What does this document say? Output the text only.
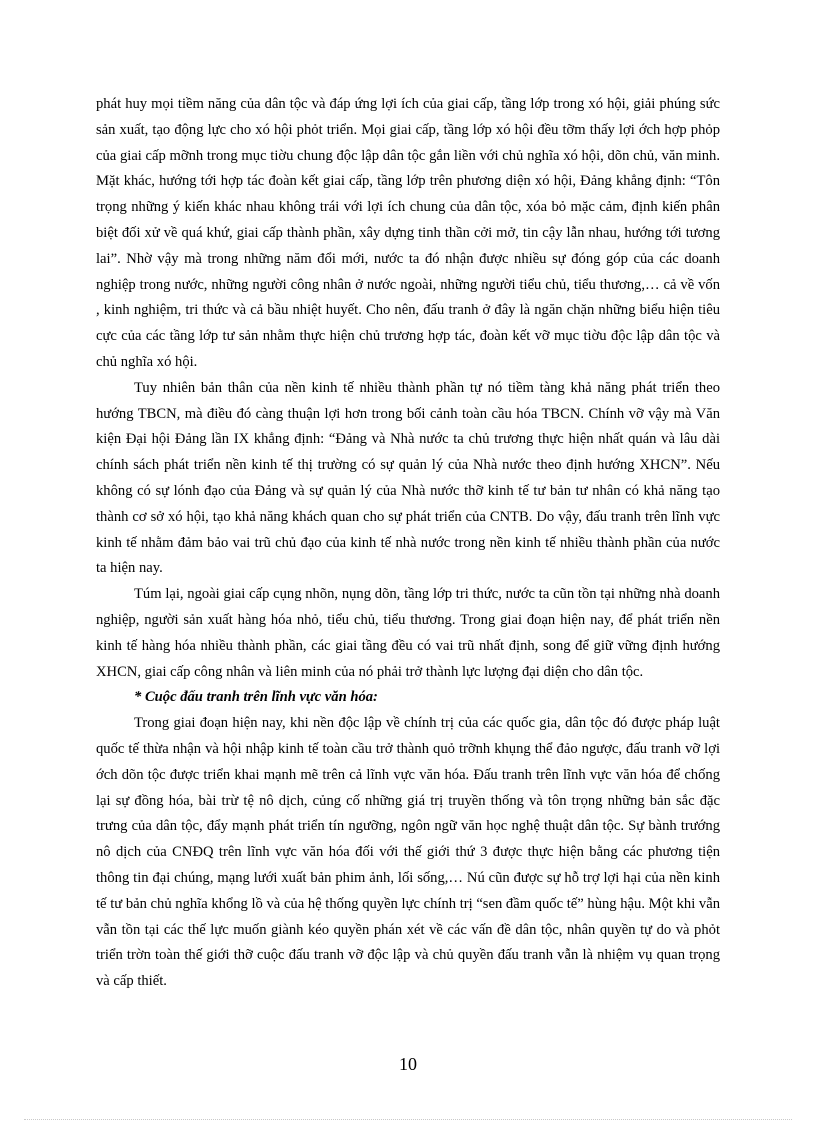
phát huy mọi tiềm năng của dân tộc và đáp ứng lợi ích của giai cấp, tầng lớp trong xó hội, giải phúng sức sản xuất, tạo động lực cho xó hội phỏt triển. Mọi giai cấp, tầng lớp xó hội đều tỡm thấy lợi ớch hợp phỏp của giai cấp mỡnh trong mục tiờu chung độc lập dân tộc gắn liền với chủ nghĩa xó hội, dõn chủ, văn minh. Mặt khác, hướng tới hợp tác đoàn kết giai cấp, tầng lớp trên phương diện xó hội, Đảng khẳng định: “Tôn trọng những ý kiến khác nhau không trái với lợi ích chung của dân tộc, xóa bỏ mặc cảm, định kiến phân biệt đối xử về quá khứ, giai cấp thành phần, xây dựng tinh thần cởi mở, tin cậy lẫn nhau, hướng tới tương lai”. Nhờ vậy mà trong những năm đổi mới, nước ta đó nhận được nhiều sự đóng góp của các doanh nghiệp trong nước, những người công nhân ở nước ngoài, những người tiểu chủ, tiểu thương,… cả về vốn , kinh nghiệm, tri thức và cả bầu nhiệt huyết. Cho nên, đấu tranh ở đây là ngăn chặn những biểu hiện tiêu cực của các tầng lớp tư sản nhằm thực hiện chủ trương hợp tác, đoàn kết vỡ mục tiờu độc lập dân tộc và chủ nghĩa xó hội.

Tuy nhiên bản thân của nền kinh tế nhiều thành phần tự nó tiềm tàng khả năng phát triển theo hướng TBCN, mà điều đó càng thuận lợi hơn trong bối cảnh toàn cầu hóa TBCN. Chính vỡ vậy mà Văn kiện Đại hội Đảng lần IX khẳng định: “Đảng và Nhà nước ta chủ trương thực hiện nhất quán và lâu dài chính sách phát triển nền kinh tế thị trường có sự quản lý của Nhà nước theo định hướng XHCN”. Nếu không có sự lónh đạo của Đảng và sự quản lý của Nhà nước thỡ kinh tế tư bản tư nhân có khả năng tạo thành cơ sở xó hội, tạo khả năng khách quan cho sự phát triển của CNTB. Do vậy, đấu tranh trên lĩnh vực kinh tế nhằm đảm bảo vai trũ chủ đạo của kinh tế nhà nước trong nền kinh tế nhiều thành phần của nước ta hiện nay.

Túm lại, ngoài giai cấp cụng nhõn, nụng dõn, tầng lớp tri thức, nước ta cũn tồn tại những nhà doanh nghiệp, người sản xuất hàng hóa nhỏ, tiểu chủ, tiểu thương. Trong giai đoạn hiện nay, để phát triển nền kinh tế hàng hóa nhiều thành phần, các giai tầng đều có vai trũ nhất định, song để giữ vững định hướng XHCN, giai cấp công nhân và liên minh của nó phải trở thành lực lượng đại diện cho dân tộc.

* Cuộc đấu tranh trên lĩnh vực văn hóa:

Trong giai đoạn hiện nay, khi nền độc lập về chính trị của các quốc gia, dân tộc đó được pháp luật quốc tế thừa nhận và hội nhập kinh tế toàn cầu trở thành quỏ trỡnh khụng thể đảo ngược, đấu tranh vỡ lợi ớch dõn tộc được triển khai mạnh mẽ trên cả lĩnh vực văn hóa. Đấu tranh trên lĩnh vực văn hóa để chống lại sự đồng hóa, bài trừ tệ nô dịch, củng cố những giá trị truyền thống và tôn trọng những bản sắc đặc trưng của dân tộc, đẩy mạnh phát triển tín ngưỡng, ngôn ngữ văn học nghệ thuật dân tộc. Sự bành trướng nô dịch của CNĐQ trên lĩnh vực văn hóa đối với thế giới thứ 3 được thực hiện bằng các phương tiện thông tin đại chúng, mạng lưới xuất bản phim ảnh, lối sống,… Nú cũn được sự hỗ trợ lợi hại của nền kinh tế tư bản chủ nghĩa khổng lồ và của hệ thống quyền lực chính trị “sen đầm quốc tế” hùng hậu. Một khi vẫn vẫn tồn tại các thế lực muốn giành kéo quyền phán xét về các vấn đề dân tộc, nhân quyền tự do và phỏt triển trờn toàn thế giới thỡ cuộc đấu tranh vỡ độc lập và chủ quyền đấu tranh vẫn là nhiệm vụ quan trọng và cấp thiết.

10
